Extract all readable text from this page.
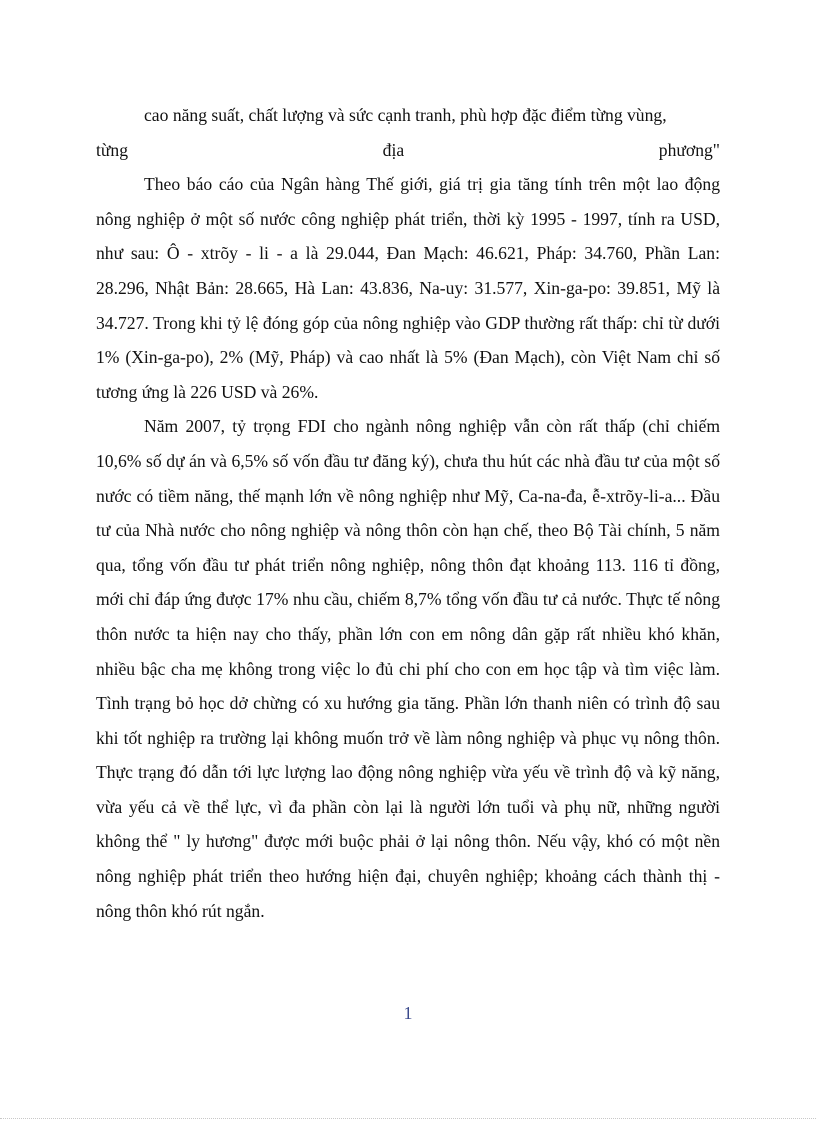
cao năng suất, chất lượng và sức cạnh tranh, phù hợp đặc điểm từng vùng,

từng	địa	phương"

Theo báo cáo của Ngân hàng Thế giới, giá trị gia tăng tính trên một lao động nông nghiệp ở một số nước công nghiệp phát triển, thời kỳ 1995 - 1997, tính ra USD, như sau: Ô - xtrõy - li - a là 29.044, Đan Mạch: 46.621, Pháp: 34.760, Phần Lan: 28.296, Nhật Bản: 28.665, Hà Lan: 43.836, Na-uy: 31.577, Xin-ga-po: 39.851, Mỹ là 34.727. Trong khi tỷ lệ đóng góp của nông nghiệp vào GDP thường rất thấp: chỉ từ dưới 1% (Xin-ga-po), 2% (Mỹ, Pháp) và cao nhất là 5% (Đan Mạch), còn Việt Nam chỉ số tương ứng là 226 USD và 26%.

Năm 2007, tỷ trọng FDI cho ngành nông nghiệp vẫn còn rất thấp (chỉ chiếm 10,6% số dự án và 6,5% số vốn đầu tư đăng ký), chưa thu hút các nhà đầu tư của một số nước có tiềm năng, thế mạnh lớn về nông nghiệp như Mỹ, Ca-na-đa, ễ-xtrõy-li-a... Đầu tư của Nhà nước cho nông nghiệp và nông thôn còn hạn chế, theo Bộ Tài chính, 5 năm qua, tổng vốn đầu tư phát triển nông nghiệp, nông thôn đạt khoảng 113. 116 tỉ đồng, mới chỉ đáp ứng được 17% nhu cầu, chiếm 8,7% tổng vốn đầu tư cả nước. Thực tế nông thôn nước ta hiện nay cho thấy, phần lớn con em nông dân gặp rất nhiều khó khăn, nhiều bậc cha mẹ không trong việc lo đủ chi phí cho con em học tập và tìm việc làm. Tình trạng bỏ học dở chừng có xu hướng gia tăng. Phần lớn thanh niên có trình độ sau khi tốt nghiệp ra trường lại không muốn trở về làm nông nghiệp và phục vụ nông thôn. Thực trạng đó dẫn tới lực lượng lao động nông nghiệp vừa yếu về trình độ và kỹ năng, vừa yếu cả về thể lực, vì đa phần còn lại là người lớn tuổi và phụ nữ, những người không thể " ly hương" được mới buộc phải ở lại nông thôn. Nếu vậy, khó có một nền nông nghiệp phát triển theo hướng hiện đại, chuyên nghiệp; khoảng cách thành thị - nông thôn khó rút ngắn.

1
